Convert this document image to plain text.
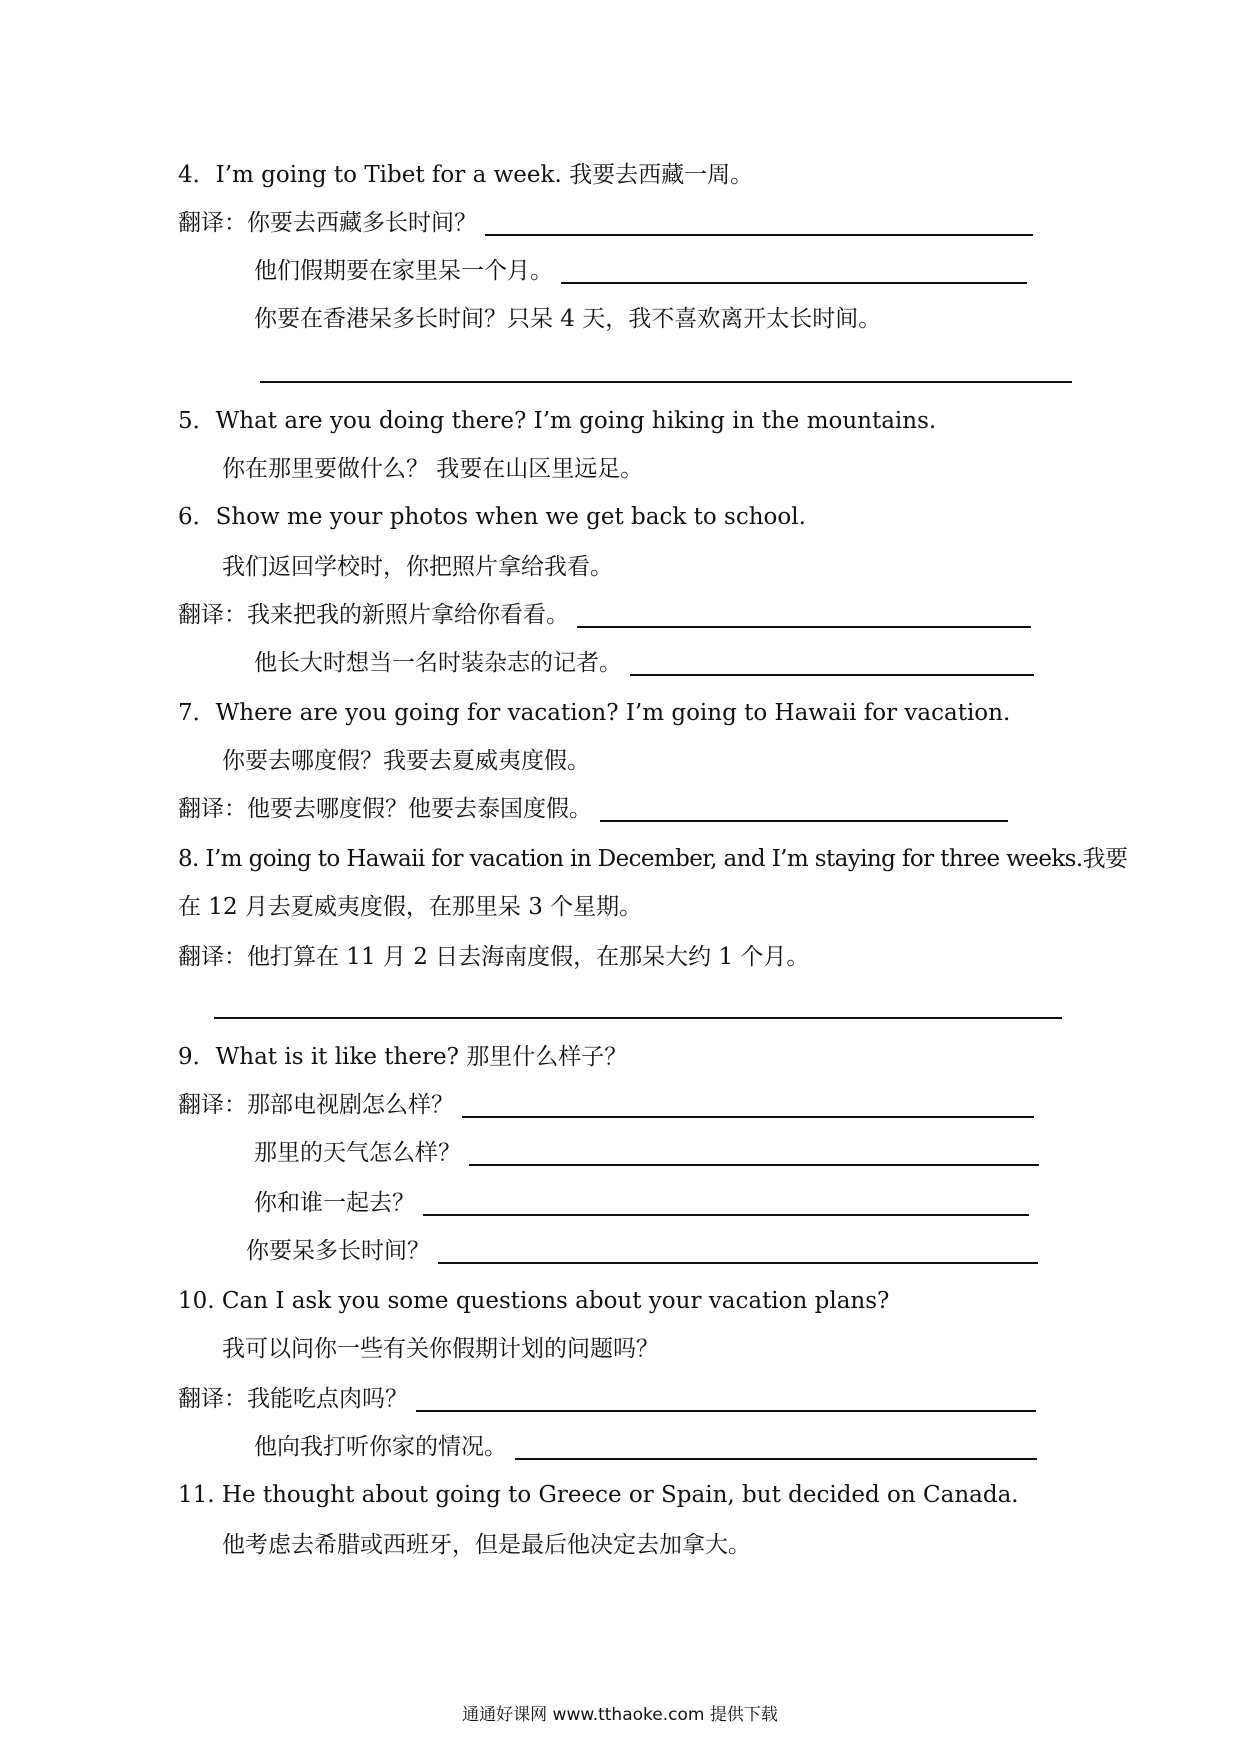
4．I’m going to Tibet for a week. 我要去西藏一周。
翻译：你要去西藏多长时间？
他们假期要在家里呆一个月。
你要在香港呆多长时间？只呆 4 天，我不喜欢离开太长时间。
5．What are you doing there? I’m going hiking in the mountains.
你在那里要做什么？ 我要在山区里远足。
6．Show me your photos when we get back to school.
我们返回学校时，你把照片拿给我看。
翻译：我来把我的新照片拿给你看看。
他长大时想当一名时装杂志的记者。
7．Where are you going for vacation? I’m going to Hawaii for vacation.
你要去哪度假？我要去夏威夷度假。
翻译：他要去哪度假？他要去泰国度假。
8. I’m going to Hawaii for vacation in December, and I’m staying for three weeks.我要
在 12 月去夏威夷度假，在那里呆 3 个星期。
翻译：他打算在 11 月 2 日去海南度假，在那呆大约 1 个月。
9．What is it like there? 那里什么样子？
翻译：那部电视剧怎么样？
那里的天气怎么样？
你和谁一起去？
你要呆多长时间？
10. Can I ask you some questions about your vacation plans?
我可以问你一些有关你假期计划的问题吗？
翻译：我能吃点肉吗？
他向我打听你家的情况。
11. He thought about going to Greece or Spain, but decided on Canada.
他考虑去希腊或西班牙，但是最后他决定去加拿大。
通通好课网 www.tthaoke.com 提供下载
